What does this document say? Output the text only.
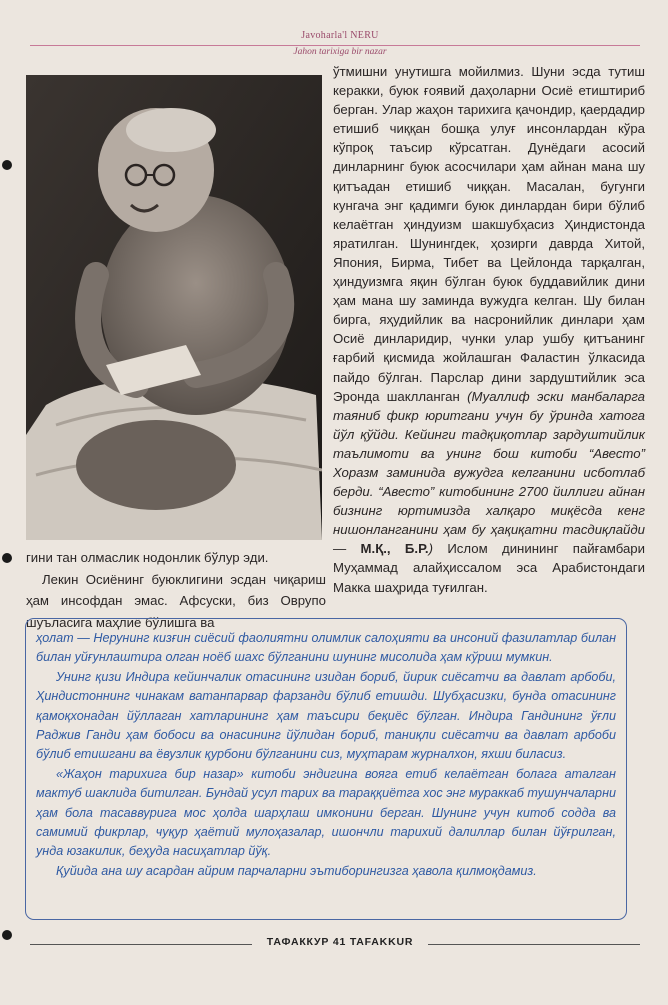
Javoharla'l NERU
Jahon tarixiga bir nazar

гини тан олмаслик нодонлик бўлур эди.

Лекин Осиёнинг буюклигини эсдан чиқариш ҳам инсофдан эмас. Афсуски, биз Оврупо шуъласига маҳлиё бўлишга ва

ўтмишни унутишга мойилмиз. Шуни эсда тутиш керакки, буюк ғоявий даҳоларни Осиё етиштириб берган. Улар жаҳон тарихига қачондир, қаердадир етишиб чиққан бошқа улуғ инсонлардан кўра кўпроқ таъсир кўрсатган. Дунёдаги асосий динларнинг буюк асосчилари ҳам айнан мана шу қитъадан етишиб чиққан. Масалан, бугунги кунгача энг қадимги буюк динлардан бири бўлиб келаётган ҳиндуизм шакшубҳасиз Ҳиндистонда яратилган. Шунингдек, ҳозирги даврда Хитой, Япония, Бирма, Тибет ва Цейлонда тарқалган, ҳиндуизмга яқин бўлган буюк буддавийлик дини ҳам мана шу заминда вужудга келган. Шу билан бирга, яҳудийлик ва насронийлик динлари ҳам Осиё динларидир, чунки улар ушбу қитъанинг ғарбий қисмида жойлашган Фаластин ўлкасида пайдо бўлган. Парслар дини зардуштийлик эса Эронда шаклланган (Муаллиф эски манбаларга таяниб фикр юритгани учун бу ўринда хатога йўл қўйди. Кейинги тадқиқотлар зардуштийлик таълимоти ва унинг бош китоби “Авесто” Хоразм заминида вужудга келганини исботлаб берди. “Авесто” китобининг 2700 йиллиги айнан бизнинг юртимизда халқаро миқёсда кенг нишонланганини ҳам бу ҳақиқатни тасдиқлайди — М.Қ., Б.Р.) Ислом динининг пайғамбари Муҳаммад алайҳиссалом эса Арабистондаги Макка шаҳрида туғилган.

ҳолат — Нерунинг кизғин сиёсий фаолиятни олимлик салоҳияти ва инсоний фазилатлар билан билан уйғунлаштира олган ноёб шахс бўлганини шунинг мисолида ҳам кўриш мумкин.

Унинг қизи Индира кейинчалик отасининг изидан бориб, йирик сиёсатчи ва давлат арбоби, Ҳиндистоннинг чинакам ватанпарвар фарзанди бўлиб етишди. Шубҳасизки, бунда отасининг қамоқхонадан йўллаган хатларининг ҳам таъсири беқиёс бўлган. Индира Гандининг ўғли Раджив Ганди ҳам бобоси ва онасининг йўлидан бориб, таниқли сиёсатчи ва давлат арбоби бўлиб етишгани ва ёвузлик қурбони бўлганини сиз, муҳтарам журналхон, яхши биласиз.

«Жаҳон тарихига бир назар» китоби эндигина вояга етиб келаётган болага аталган мактуб шаклида битилган. Бундай усул тарих ва тараққиётга хос энг мураккаб тушунчаларни ҳам бола тасаввурига мос ҳолда шарҳлаш имконини берган. Шунинг учун китоб содда ва самимий фикрлар, чуқур ҳаётий мулоҳазалар, ишончли тарихий далиллар билан йўғрилган, унда юзакилик, беҳуда насиҳатлар йўқ.

Қуйида ана шу асардан айрим парчаларни эътиборингизга ҳавола қилмоқдамиз.

ТАФАККУР 41 TAFAKKUR
